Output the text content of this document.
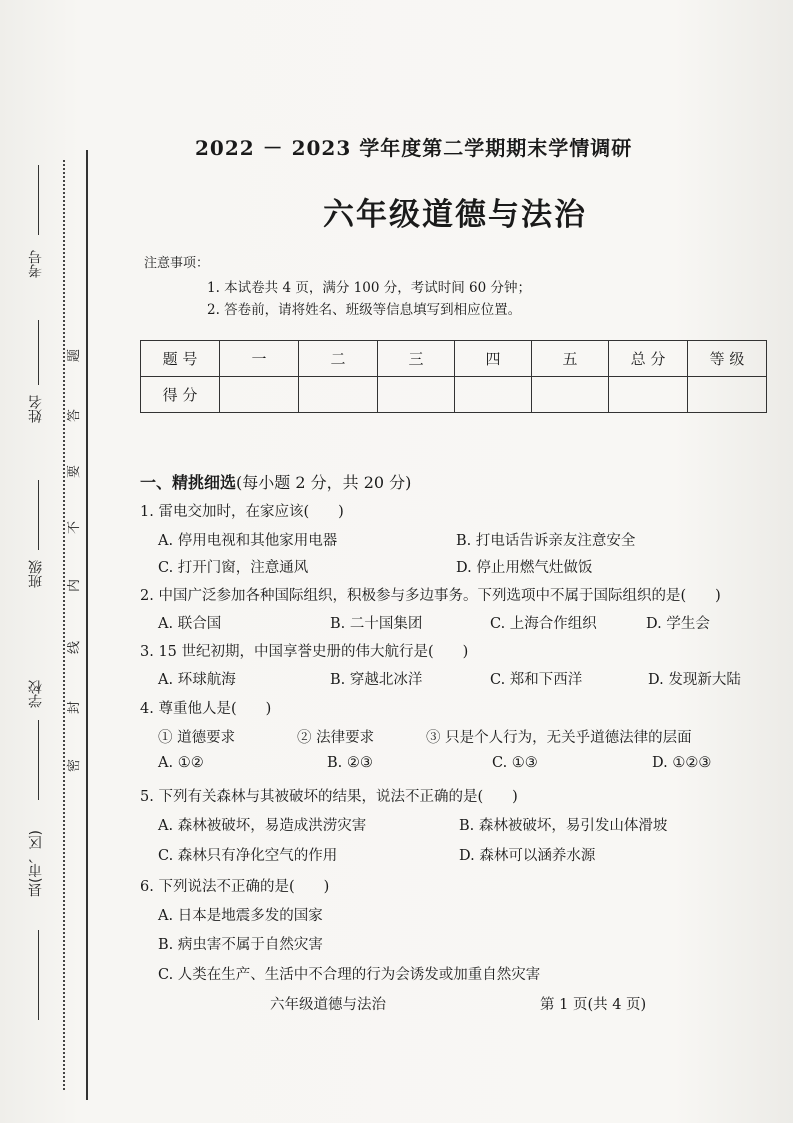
考号
姓名
班级
学校
县(市、区)
题
答
要
不
内
线
封
密
2022 － 2023 学年度第二学期期末学情调研
六年级道德与法治
注意事项：
1. 本试卷共 4 页，满分 100 分，考试时间 60 分钟；
2. 答卷前，请将姓名、班级等信息填写到相应位置。
题 号	一	二	三	四	五	总 分	等 级
得 分							
一、精挑细选(每小题 2 分，共 20 分)
1. 雷电交加时，在家应该(　　)
A. 停用电视和其他家用电器	B. 打电话告诉亲友注意安全
C. 打开门窗，注意通风	D. 停止用燃气灶做饭
2. 中国广泛参加各种国际组织，积极参与多边事务。下列选项中不属于国际组织的是(　　)
A. 联合国	B. 二十国集团	C. 上海合作组织	D. 学生会
3. 15 世纪初期，中国享誉史册的伟大航行是(　　)
A. 环球航海	B. 穿越北冰洋	C. 郑和下西洋	D. 发现新大陆
4. 尊重他人是(　　)
① 道德要求	② 法律要求	③ 只是个人行为，无关乎道德法律的层面
A. ①②	B. ②③	C. ①③	D. ①②③
5. 下列有关森林与其被破坏的结果，说法不正确的是(　　)
A. 森林被破坏，易造成洪涝灾害	B. 森林被破坏，易引发山体滑坡
C. 森林只有净化空气的作用	D. 森林可以涵养水源
6. 下列说法不正确的是(　　)
A. 日本是地震多发的国家
B. 病虫害不属于自然灾害
C. 人类在生产、生活中不合理的行为会诱发或加重自然灾害
六年级道德与法治	第 1 页(共 4 页)
